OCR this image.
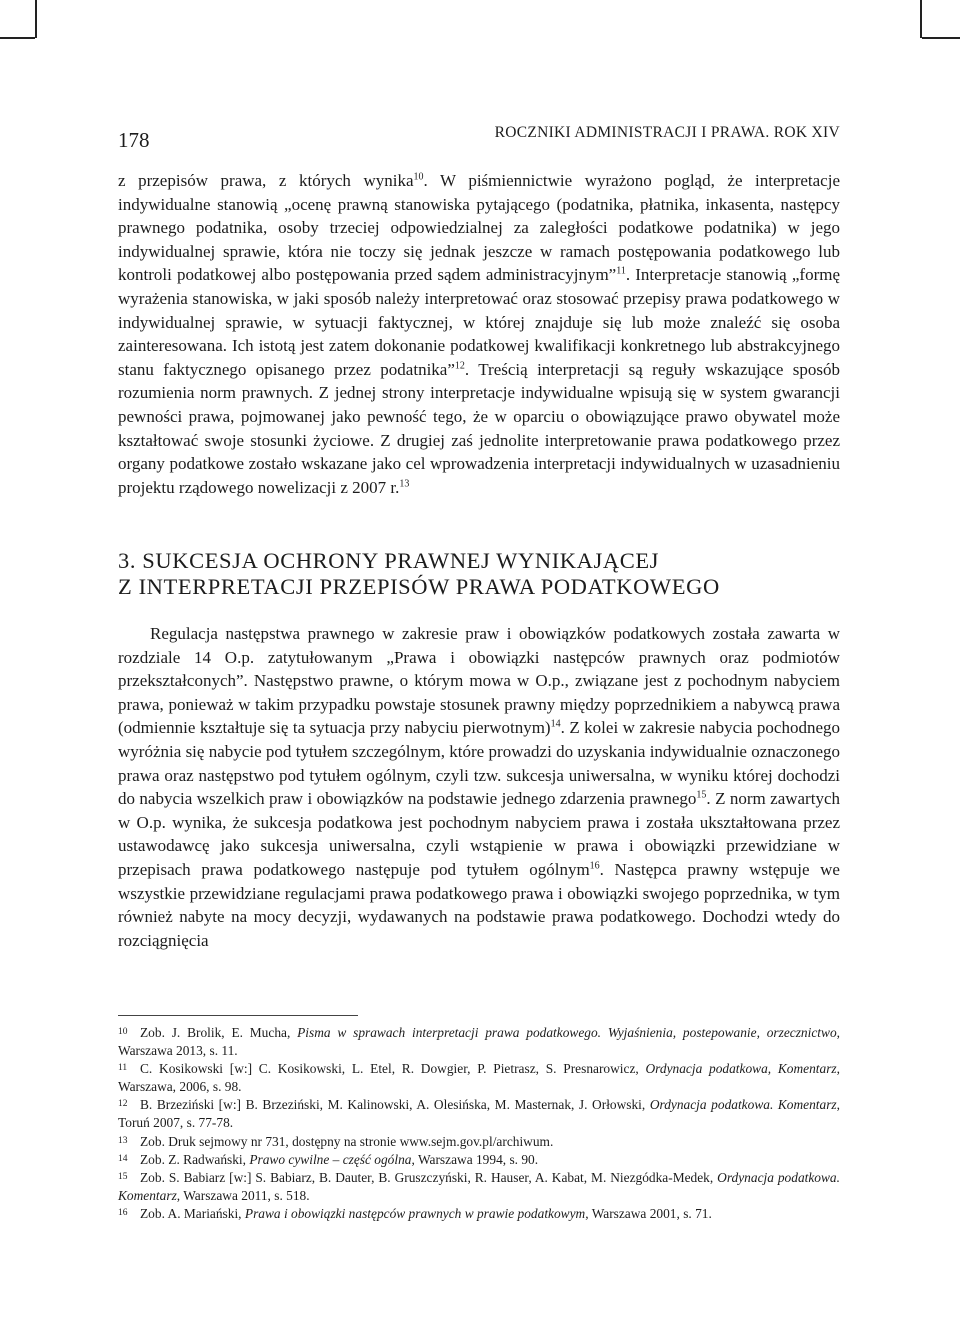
178	ROCZNIKI ADMINISTRACJI I PRAWA. ROK XIV

z przepisów prawa, z których wynika$^{10}$. W piśmiennictwie wyrażono pogląd, że interpretacje indywidualne stanowią „ocenę prawną stanowiska pytającego (podatnika, płatnika, inkasenta, następcy prawnego podatnika, osoby trzeciej odpowiedzialnej za zaległości podatkowe podatnika) w jego indywidualnej sprawie, która nie toczy się jednak jeszcze w ramach postępowania podatkowego lub kontroli podatkowej albo postępowania przed sądem administracyjnym”$^{11}$. Interpretacje stanowią „formę wyrażenia stanowiska, w jaki sposób należy interpretować oraz stosować przepisy prawa podatkowego w indywidualnej sprawie, w sytuacji faktycznej, w której znajduje się lub może znaleźć się osoba zainteresowana. Ich istotą jest zatem dokonanie podatkowej kwalifikacji konkretnego lub abstrakcyjnego stanu faktycznego opisanego przez podatnika”$^{12}$. Treścią interpretacji są reguły wskazujące sposób rozumienia norm prawnych. Z jednej strony interpretacje indywidualne wpisują się w system gwarancji pewności prawa, pojmowanej jako pewność tego, że w oparciu o obowiązujące prawo obywatel może kształtować swoje stosunki życiowe. Z drugiej zaś jednolite interpretowanie prawa podatkowego przez organy podatkowe zostało wskazane jako cel wprowadzenia interpretacji indywidualnych w uzasadnieniu projektu rządowego nowelizacji z 2007 r.$^{13}$

3. SUKCESJA OCHRONY PRAWNEJ WYNIKAJĄCEJ
Z INTERPRETACJI PRZEPISÓW PRAWA PODATKOWEGO

Regulacja następstwa prawnego w zakresie praw i obowiązków podatkowych została zawarta w rozdziale 14 O.p. zatytułowanym „Prawa i obowiązki następców prawnych oraz podmiotów przekształconych”. Następstwo prawne, o którym mowa w O.p., związane jest z pochodnym nabyciem prawa, ponieważ w takim przypadku powstaje stosunek prawny między poprzednikiem a nabywcą prawa (odmiennie kształtuje się ta sytuacja przy nabyciu pierwotnym)$^{14}$. Z kolei w zakresie nabycia pochodnego wyróżnia się nabycie pod tytułem szczególnym, które prowadzi do uzyskania indywidualnie oznaczonego prawa oraz następstwo pod tytułem ogólnym, czyli tzw. sukcesja uniwersalna, w wyniku której dochodzi do nabycia wszelkich praw i obowiązków na podstawie jednego zdarzenia prawnego$^{15}$. Z norm zawartych w O.p. wynika, że sukcesja podatkowa jest pochodnym nabyciem prawa i została ukształtowana przez ustawodawcę jako sukcesja uniwersalna, czyli wstąpienie w prawa i obowiązki przewidziane w przepisach prawa podatkowego następuje pod tytułem ogólnym$^{16}$. Następca prawny wstępuje we wszystkie przewidziane regulacjami prawa podatkowego prawa i obowiązki swojego poprzednika, w tym również nabyte na mocy decyzji, wydawanych na podstawie prawa podatkowego. Dochodzi wtedy do rozciągnięcia

10 Zob. J. Brolik, E. Mucha, Pisma w sprawach interpretacji prawa podatkowego. Wyjaśnienia, postepowanie, orzecznictwo, Warszawa 2013, s. 11.

11 C. Kosikowski [w:] C. Kosikowski, L. Etel, R. Dowgier, P. Pietrasz, S. Presnarowicz, Ordynacja podatkowa, Komentarz, Warszawa, 2006, s. 98.

12 B. Brzeziński [w:] B. Brzeziński, M. Kalinowski, A. Olesińska, M. Masternak, J. Orłowski, Ordynacja podatkowa. Komentarz, Toruń 2007, s. 77-78.

13 Zob. Druk sejmowy nr 731, dostępny na stronie www.sejm.gov.pl/archiwum.

14 Zob. Z. Radwański, Prawo cywilne – część ogólna, Warszawa 1994, s. 90.

15 Zob. S. Babiarz [w:] S. Babiarz, B. Dauter, B. Gruszczyński, R. Hauser, A. Kabat, M. Niezgódka-Medek, Ordynacja podatkowa. Komentarz, Warszawa 2011, s. 518.

16 Zob. A. Mariański, Prawa i obowiązki następców prawnych w prawie podatkowym, Warszawa 2001, s. 71.
